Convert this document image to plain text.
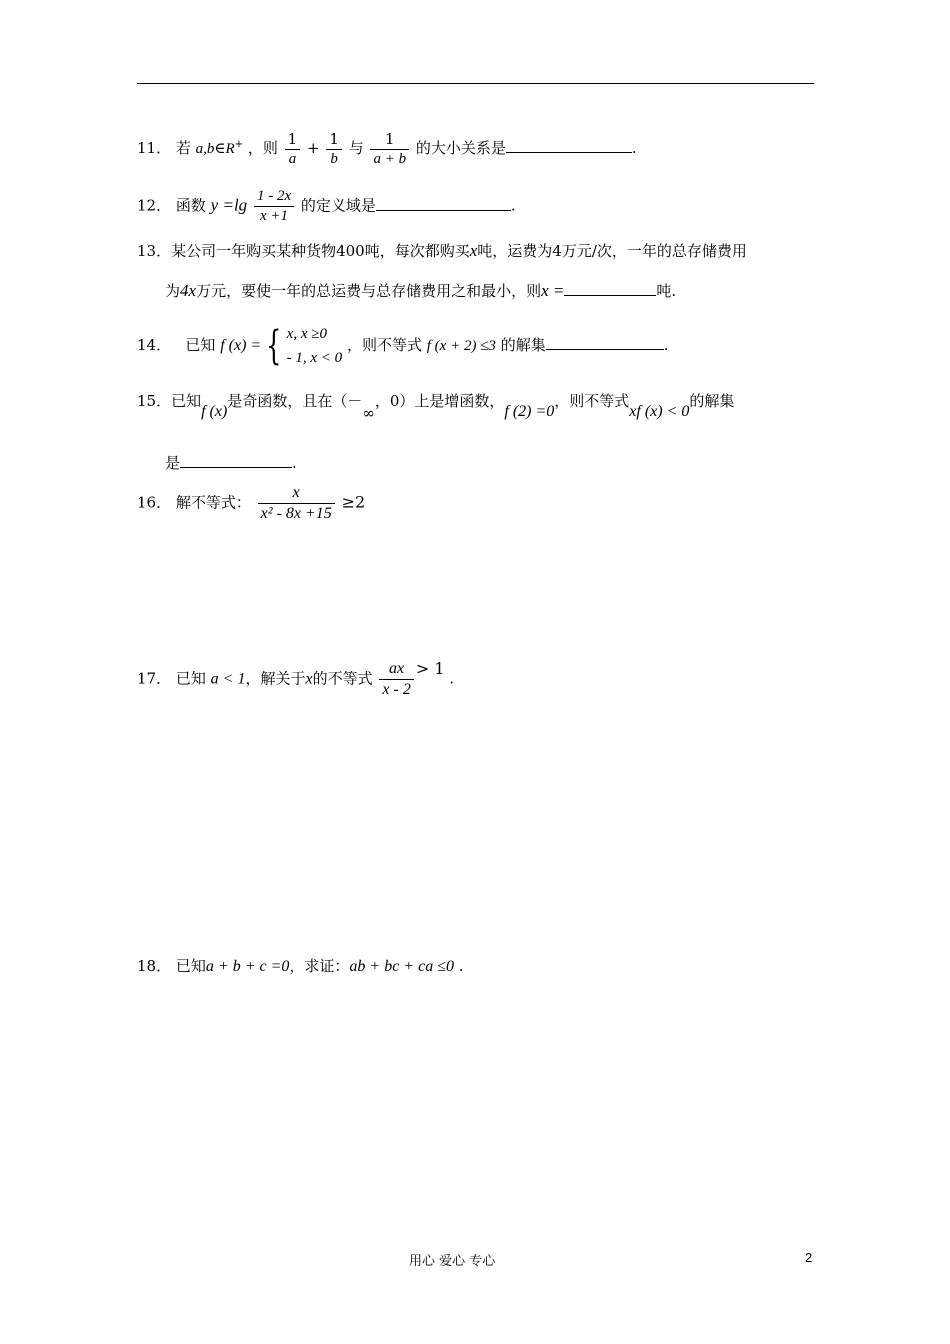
11． 若 a,b∈R+ ，则 $\frac{1}{a} + \frac{1}{b}$ 与 $\frac{1}{a + b}$ 的大小关系是	.
12． 函数 $y =\lg \frac{1 - 2x}{x +1}$ 的定义域是	.
13．某公司一年购买某种货物400吨，每次都购买x吨，运费为4万元/次，一年的总存储费用
为4x万元，要使一年的总运费与总存储费用之和最小，则x =	吨.
14． 已知 f (x) = { x, x ≥0
- 1, x < 0
，则不等式 f (x + 2) ≤3 的解集	.
15．已知f (x)是奇函数，且在（－∞，0）上是增函数，f (2) =0，则不等式xf (x) < 0的解集
是	.
16． 解不等式： $\frac{x}{\text{x² - 8x +15}} \ge 2$
17． 已知 a < 1，解关于x的不等式 $\frac{ax}{x - 2} > 1$ .
18． 已知a + b + c =0，求证：ab + bc + ca ≤0 .
用心 爱心 专心	2
